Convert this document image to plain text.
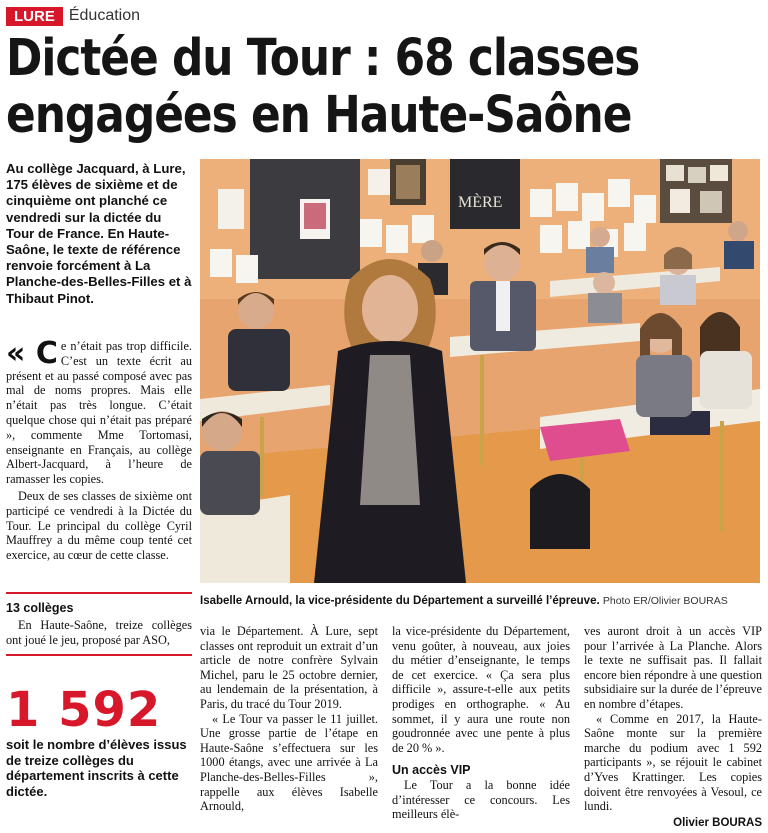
LURE Éducation
Dictée du Tour : 68 classes
engagées en Haute-Saône

Au collège Jacquard, à Lure, 175 élèves de sixième et de cinquième ont planché ce vendredi sur la dictée du Tour de France. En Haute-Saône, le texte de référence renvoie forcément à La Planche-des-Belles-Filles et à Thibaut Pinot.

« C e n’était pas trop difficile. C’est un texte écrit au présent et au passé composé avec pas mal de noms propres. Mais elle n’était pas très longue. C’était quelque chose qui n’était pas préparé », commente Mme Tortomasi, enseignante en Français, au collège Albert-Jacquard, à l’heure de ramasser les copies.

Deux de ses classes de sixième ont participé ce vendredi à la Dictée du Tour. Le principal du collège Cyril Mauffrey a du même coup tenté cet exercice, au cœur de cette classe.

13 collèges

En Haute-Saône, treize collèges ont joué le jeu, proposé par ASO,

1 592
soit le nombre d’élèves issus de treize collèges du département inscrits à cette dictée.
MÈRE

Isabelle Arnould, la vice-présidente du Département a surveillé l’épreuve. Photo ER/Olivier BOURAS

via le Département. À Lure, sept classes ont reproduit un extrait d’un article de notre confrère Sylvain Michel, paru le 25 octobre dernier, au lendemain de la présentation, à Paris, du tracé du Tour 2019.

« Le Tour va passer le 11 juillet. Une grosse partie de l’étape en Haute-Saône s’effectuera sur les 1000 étangs, avec une arrivée à La Planche-des-Belles-Filles », rappelle aux élèves Isabelle Arnould,

la vice-présidente du Département, venu goûter, à nouveau, aux joies du métier d’enseignante, le temps de cet exercice. « Ça sera plus difficile », assure-t-elle aux petits prodiges en orthographe. « Au sommet, il y aura une route non goudronnée avec une pente à plus de 20 % ».

Un accès VIP

Le Tour a la bonne idée d’intéresser ce concours. Les meilleurs élè-

ves auront droit à un accès VIP pour l’arrivée à La Planche. Alors le texte ne suffisait pas. Il fallait encore bien répondre à une question subsidiaire sur la durée de l’épreuve en nombre d’étapes.

« Comme en 2017, la Haute-Saône monte sur la première marche du podium avec 1 592 participants », se réjouit le cabinet d’Yves Krattinger. Les copies doivent être renvoyées à Vesoul, ce lundi.

Olivier BOURAS
